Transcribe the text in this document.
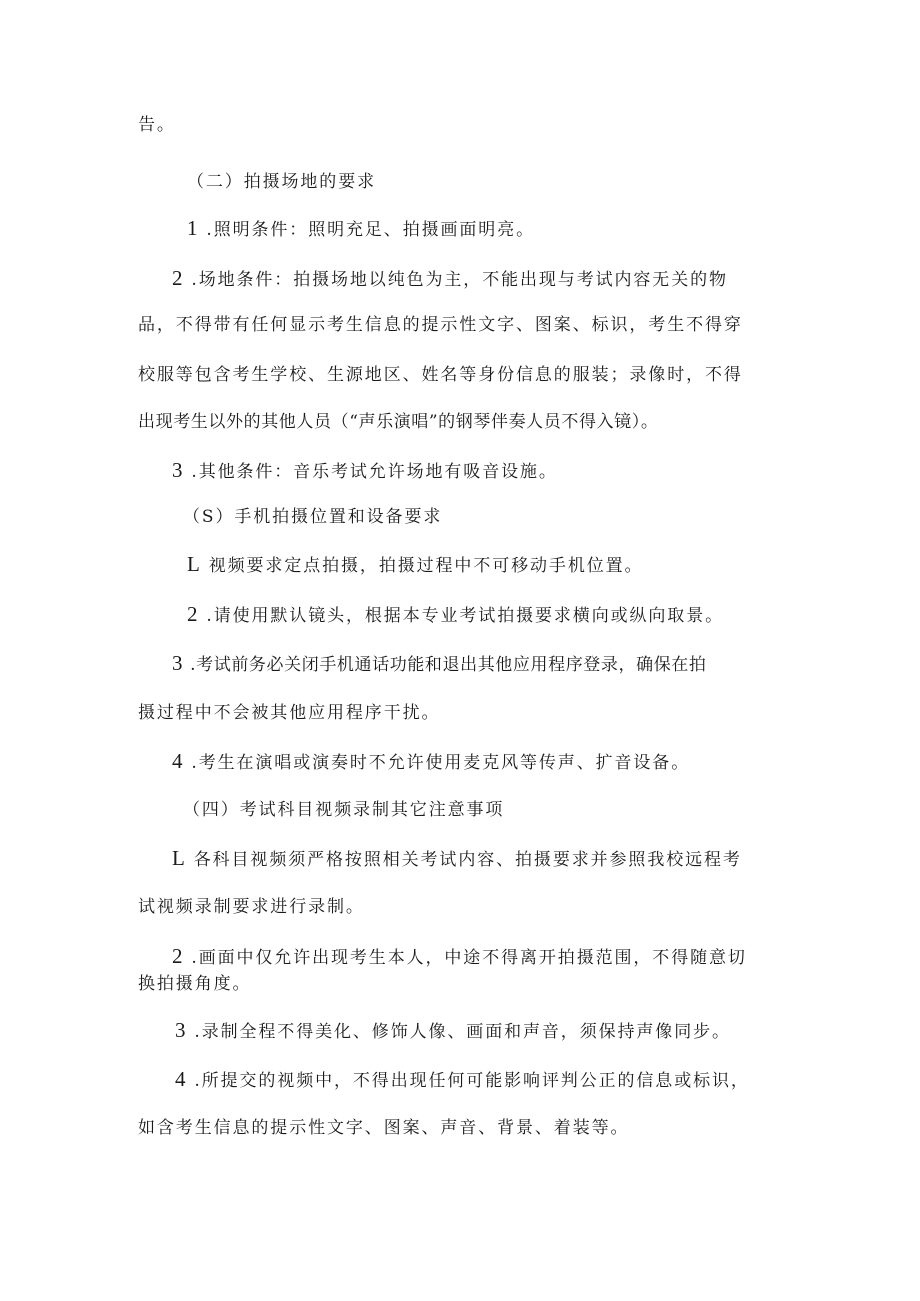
告。
（二）拍摄场地的要求
1 .照明条件：照明充足、拍摄画面明亮。
2 .场地条件：拍摄场地以纯色为主，不能出现与考试内容无关的物
品，不得带有任何显示考生信息的提示性文字、图案、标识，考生不得穿
校服等包含考生学校、生源地区、姓名等身份信息的服装；录像时，不得
出现考生以外的其他人员（“声乐演唱”的钢琴伴奏人员不得入镜）。
3 .其他条件：音乐考试允许场地有吸音设施。
（S）手机拍摄位置和设备要求
L 视频要求定点拍摄，拍摄过程中不可移动手机位置。
2 .请使用默认镜头，根据本专业考试拍摄要求横向或纵向取景。
3 .考试前务必关闭手机通话功能和退出其他应用程序登录，确保在拍
摄过程中不会被其他应用程序干扰。
4 .考生在演唱或演奏时不允许使用麦克风等传声、扩音设备。
（四）考试科目视频录制其它注意事项
L 各科目视频须严格按照相关考试内容、拍摄要求并参照我校远程考
试视频录制要求进行录制。
2 .画面中仅允许出现考生本人，中途不得离开拍摄范围，不得随意切
换拍摄角度。
3 .录制全程不得美化、修饰人像、画面和声音，须保持声像同步。
4 .所提交的视频中，不得出现任何可能影响评判公正的信息或标识，
如含考生信息的提示性文字、图案、声音、背景、着装等。
